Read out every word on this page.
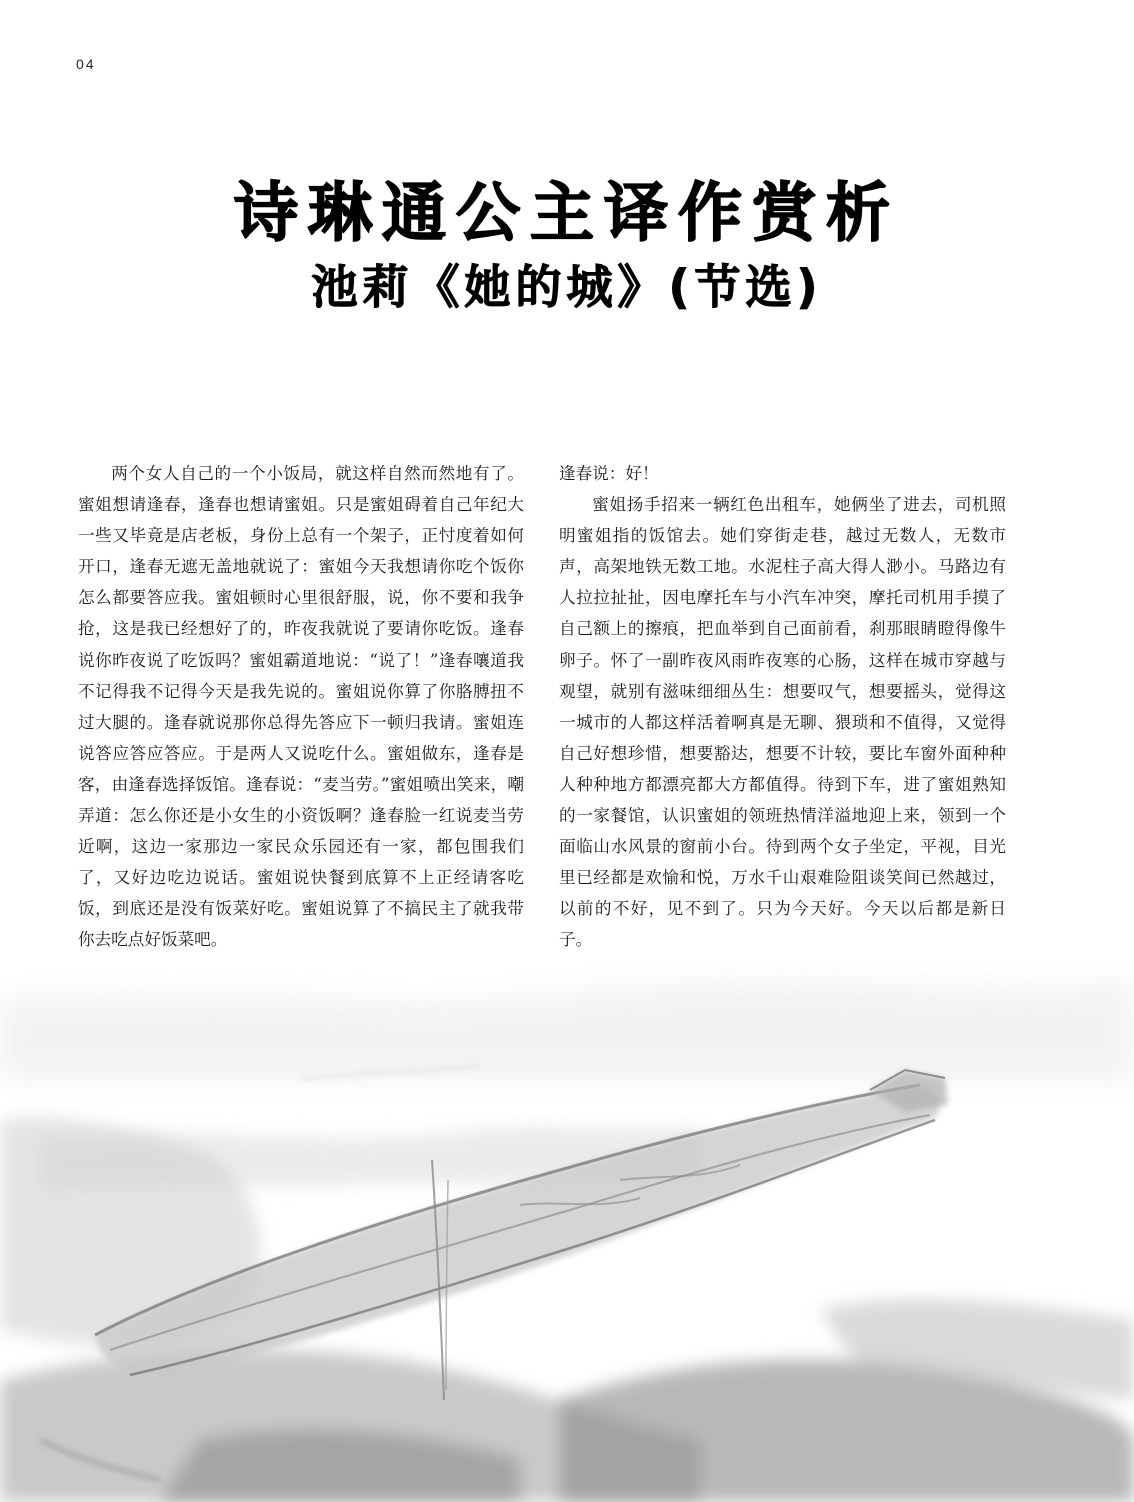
04
诗琳通公主译作赏析
池莉《她的城》(节选)

两个女人自己的一个小饭局，就这样自然而然地有了。蜜姐想请逢春，逢春也想请蜜姐。只是蜜姐碍着自己年纪大一些又毕竟是店老板，身份上总有一个架子，正忖度着如何开口，逢春无遮无盖地就说了：蜜姐今天我想请你吃个饭你怎么都要答应我。蜜姐顿时心里很舒服，说，你不要和我争抢，这是我已经想好了的，昨夜我就说了要请你吃饭。逢春说你昨夜说了吃饭吗？蜜姐霸道地说：“说了！”逢春嚷道我不记得我不记得今天是我先说的。蜜姐说你算了你胳膊扭不过大腿的。逢春就说那你总得先答应下一顿归我请。蜜姐连说答应答应答应。于是两人又说吃什么。蜜姐做东，逢春是客，由逢春选择饭馆。逢春说：“麦当劳。”蜜姐喷出笑来，嘲弄道：怎么你还是小女生的小资饭啊？逢春脸一红说麦当劳近啊，这边一家那边一家民众乐园还有一家，都包围我们了，又好边吃边说话。蜜姐说快餐到底算不上正经请客吃饭，到底还是没有饭菜好吃。蜜姐说算了不搞民主了就我带你去吃点好饭菜吧。

逢春说：好！

蜜姐扬手招来一辆红色出租车，她俩坐了进去，司机照明蜜姐指的饭馆去。她们穿街走巷，越过无数人，无数市声，高架地铁无数工地。水泥柱子高大得人渺小。马路边有人拉拉扯扯，因电摩托车与小汽车冲突，摩托司机用手摸了自己额上的擦痕，把血举到自己面前看，刹那眼睛瞪得像牛卵子。怀了一副昨夜风雨昨夜寒的心肠，这样在城市穿越与观望，就别有滋味细细丛生：想要叹气，想要摇头，觉得这一城市的人都这样活着啊真是无聊、猥琐和不值得，又觉得自己好想珍惜，想要豁达，想要不计较，要比车窗外面种种人种种地方都漂亮都大方都值得。待到下车，进了蜜姐熟知的一家餐馆，认识蜜姐的领班热情洋溢地迎上来，领到一个面临山水风景的窗前小台。待到两个女子坐定，平视，目光里已经都是欢愉和悦，万水千山艰难险阻谈笑间已然越过，以前的不好，见不到了。只为今天好。今天以后都是新日子。
